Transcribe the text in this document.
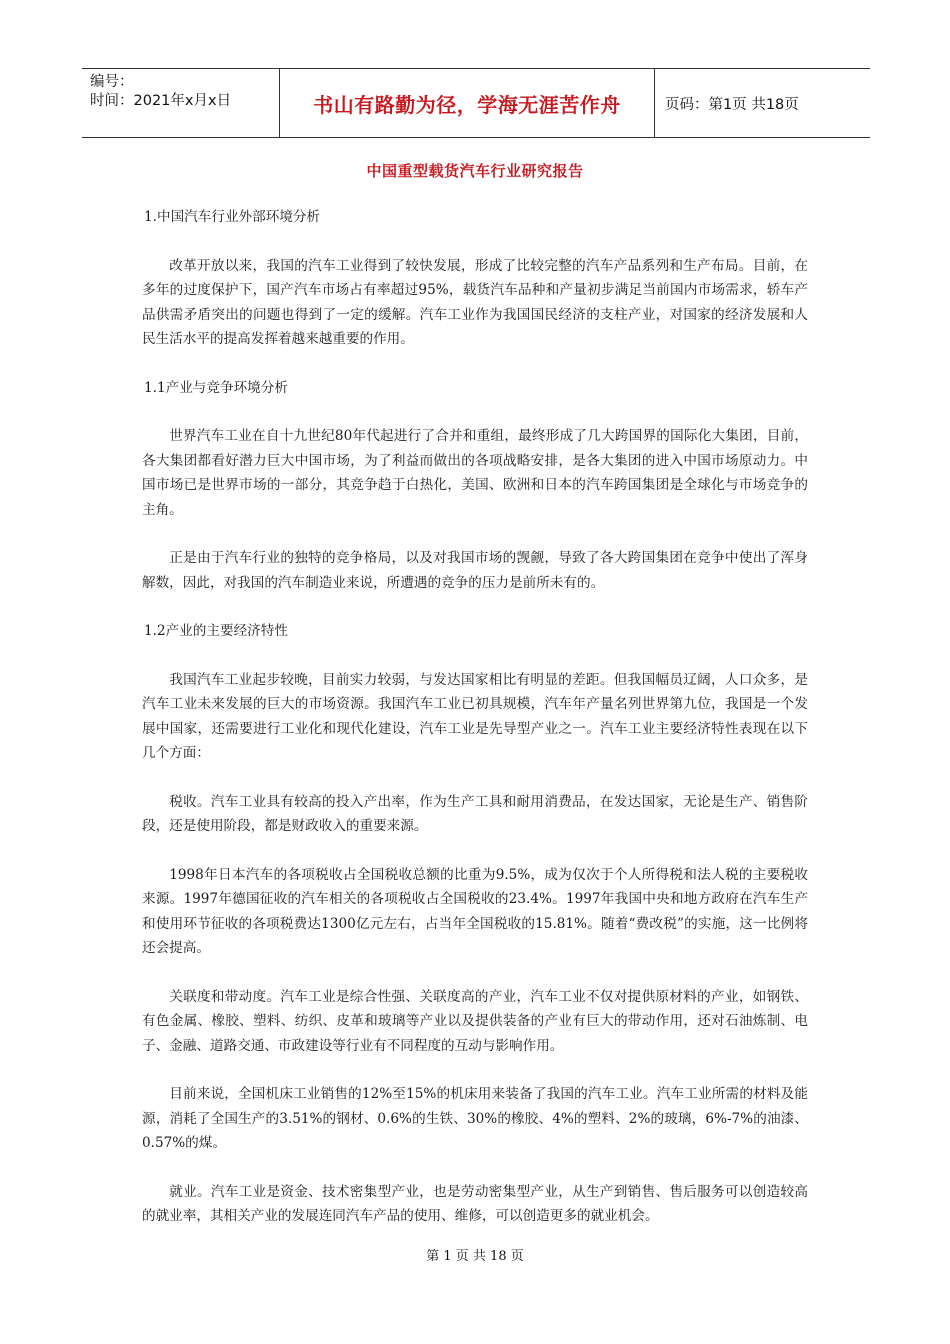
编号：
时间：2021年x月x日	书山有路勤为径，学海无涯苦作舟	页码：第1页 共18页
中国重型载货汽车行业研究报告

1.中国汽车行业外部环境分析

改革开放以来，我国的汽车工业得到了较快发展，形成了比较完整的汽车产品系列和生产布局。目前，在多年的过度保护下，国产汽车市场占有率超过95%，载货汽车品种和产量初步满足当前国内市场需求，轿车产品供需矛盾突出的问题也得到了一定的缓解。汽车工业作为我国国民经济的支柱产业，对国家的经济发展和人民生活水平的提高发挥着越来越重要的作用。

1.1产业与竞争环境分析

世界汽车工业在自十九世纪80年代起进行了合并和重组，最终形成了几大跨国界的国际化大集团，目前，各大集团都看好潜力巨大中国市场，为了利益而做出的各项战略安排，是各大集团的进入中国市场原动力。中国市场已是世界市场的一部分，其竞争趋于白热化，美国、欧洲和日本的汽车跨国集团是全球化与市场竞争的主角。

正是由于汽车行业的独特的竞争格局，以及对我国市场的觊觎，导致了各大跨国集团在竞争中使出了浑身解数，因此，对我国的汽车制造业来说，所遭遇的竞争的压力是前所未有的。

1.2产业的主要经济特性

我国汽车工业起步较晚，目前实力较弱，与发达国家相比有明显的差距。但我国幅员辽阔，人口众多，是汽车工业未来发展的巨大的市场资源。我国汽车工业已初具规模，汽车年产量名列世界第九位，我国是一个发展中国家，还需要进行工业化和现代化建设，汽车工业是先导型产业之一。汽车工业主要经济特性表现在以下几个方面：

税收。汽车工业具有较高的投入产出率，作为生产工具和耐用消费品，在发达国家，无论是生产、销售阶段，还是使用阶段，都是财政收入的重要来源。

1998年日本汽车的各项税收占全国税收总额的比重为9.5%，成为仅次于个人所得税和法人税的主要税收来源。1997年德国征收的汽车相关的各项税收占全国税收的23.4%。1997年我国中央和地方政府在汽车生产和使用环节征收的各项税费达1300亿元左右，占当年全国税收的15.81%。随着“费改税”的实施，这一比例将还会提高。

关联度和带动度。汽车工业是综合性强、关联度高的产业，汽车工业不仅对提供原材料的产业，如钢铁、有色金属、橡胶、塑料、纺织、皮革和玻璃等产业以及提供装备的产业有巨大的带动作用，还对石油炼制、电子、金融、道路交通、市政建设等行业有不同程度的互动与影响作用。

目前来说，全国机床工业销售的12%至15%的机床用来装备了我国的汽车工业。汽车工业所需的材料及能源，消耗了全国生产的3.51%的钢材、0.6%的生铁、30%的橡胶、4%的塑料、2%的玻璃，6%-7%的油漆、0.57%的煤。

就业。汽车工业是资金、技术密集型产业，也是劳动密集型产业，从生产到销售、售后服务可以创造较高的就业率，其相关产业的发展连同汽车产品的使用、维修，可以创造更多的就业机会。

第 1 页 共 18 页
